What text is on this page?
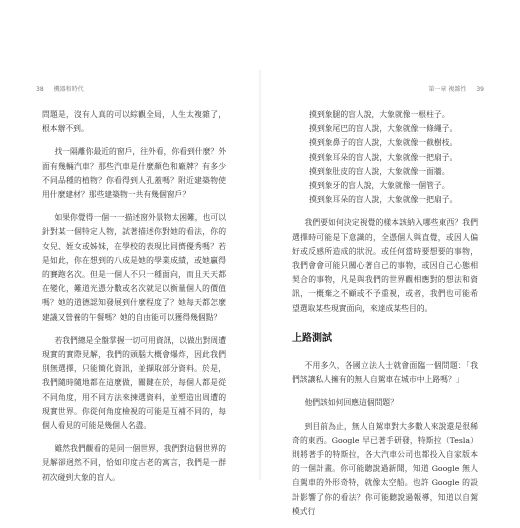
38 機器和時代

問題是，沒有人真的可以綜觀全局，人生太複雜了，根本辦不到。

找一隔離你最近的窗戶，往外看，你看到什麼？外面有幾輛汽車？那些汽車是什麼顏色和廠牌？有多少不同品種的植物？你看得到人孔蓋嗎？附近建築物使用什麼建材？那些建築物一共有幾個窗戶？

如果你覺得一個一一描述窗外景物太困難，也可以針對某一個特定人物，試著描述你對她的看法，你的女兒、姪女或姊妹，在學校的表現比同儕優秀嗎？若是如此，你在想到的八成是她的學業成績，或她贏得的賽跑名次。但是一個人不只一種面向，而且天天都在變化，難道光憑分數或名次就足以衡量個人的價值嗎？她的道德認知發展到什麼程度了？她每天都怎麼建議又營養的午餐嗎？她的自由能可以獲得幾個點？

若我們總是全盤掌握一切可用資訊，以做出對周遭現實的實際見解，我們的頭腦大概會爆炸，因此我們別無選擇，只能簡化資訊，並擷取部分資料。於是，我們隨時隨地都在這麼做，關鍵在於，每個人都是從不同角度，用不同方法來揀選資料，並塑造出周遭的現實世界。你從何角度檢視的可能是互補不同的，每個人看見的可能是幾個人名盡。

雖然我們觀看的是同一個世界，我們對這個世界的見解卻迥然不同，恰如印度古老的寓言，我們是一群初次碰到大象的盲人。

第一章 複雜性 39
摸到象腿的盲人說，大象就像一根柱子。
摸到象尾巴的盲人說，大象就像一條繩子。
摸到象鼻子的盲人說，大象就像一截樹枝。
摸到象耳朵的盲人說，大象就像一把扇子。
摸到象肚皮的盲人說，大象就像一面牆。
摸到象牙的盲人說，大象就像一個管子。
摸到象耳朵的盲人說，大象就像一把扇子。

我們要如何決定視覺的樣本該納入哪些東西？我們選擇時可能是下意識的，全憑個人與直覺，或因人偏好或反感所造成的狀況。或任何當時要想要的事物，我們會會可能只關心著自己的事物，或因自己心態相契合的事物，凡是與我們的世界觀相應對的想法和資訊，一概棄之不顧或不予重視，或者，我們也可能希望選取某些現實面向，來達成某些目的。

上路測試

不用多久，各國立法人士就會面臨一個問題：「我們該讓私人擁有的無人自駕車在城市中上路嗎？」

他們該如何回應這個問題？

到目前為止，無人自駕車對大多數人來說還是很稀奇的東西。Google 早已著手研發，特斯拉（Tesla）則將著手的特斯拉，各大汽車公司也都投入自家版本的一個計畫。你可能聽說過新聞，知道 Google 無人自駕車的外形奇特，就像太空船。也許 Google 的設計影響了你的看法？你可能聽說過報導，知道以自駕模式行
